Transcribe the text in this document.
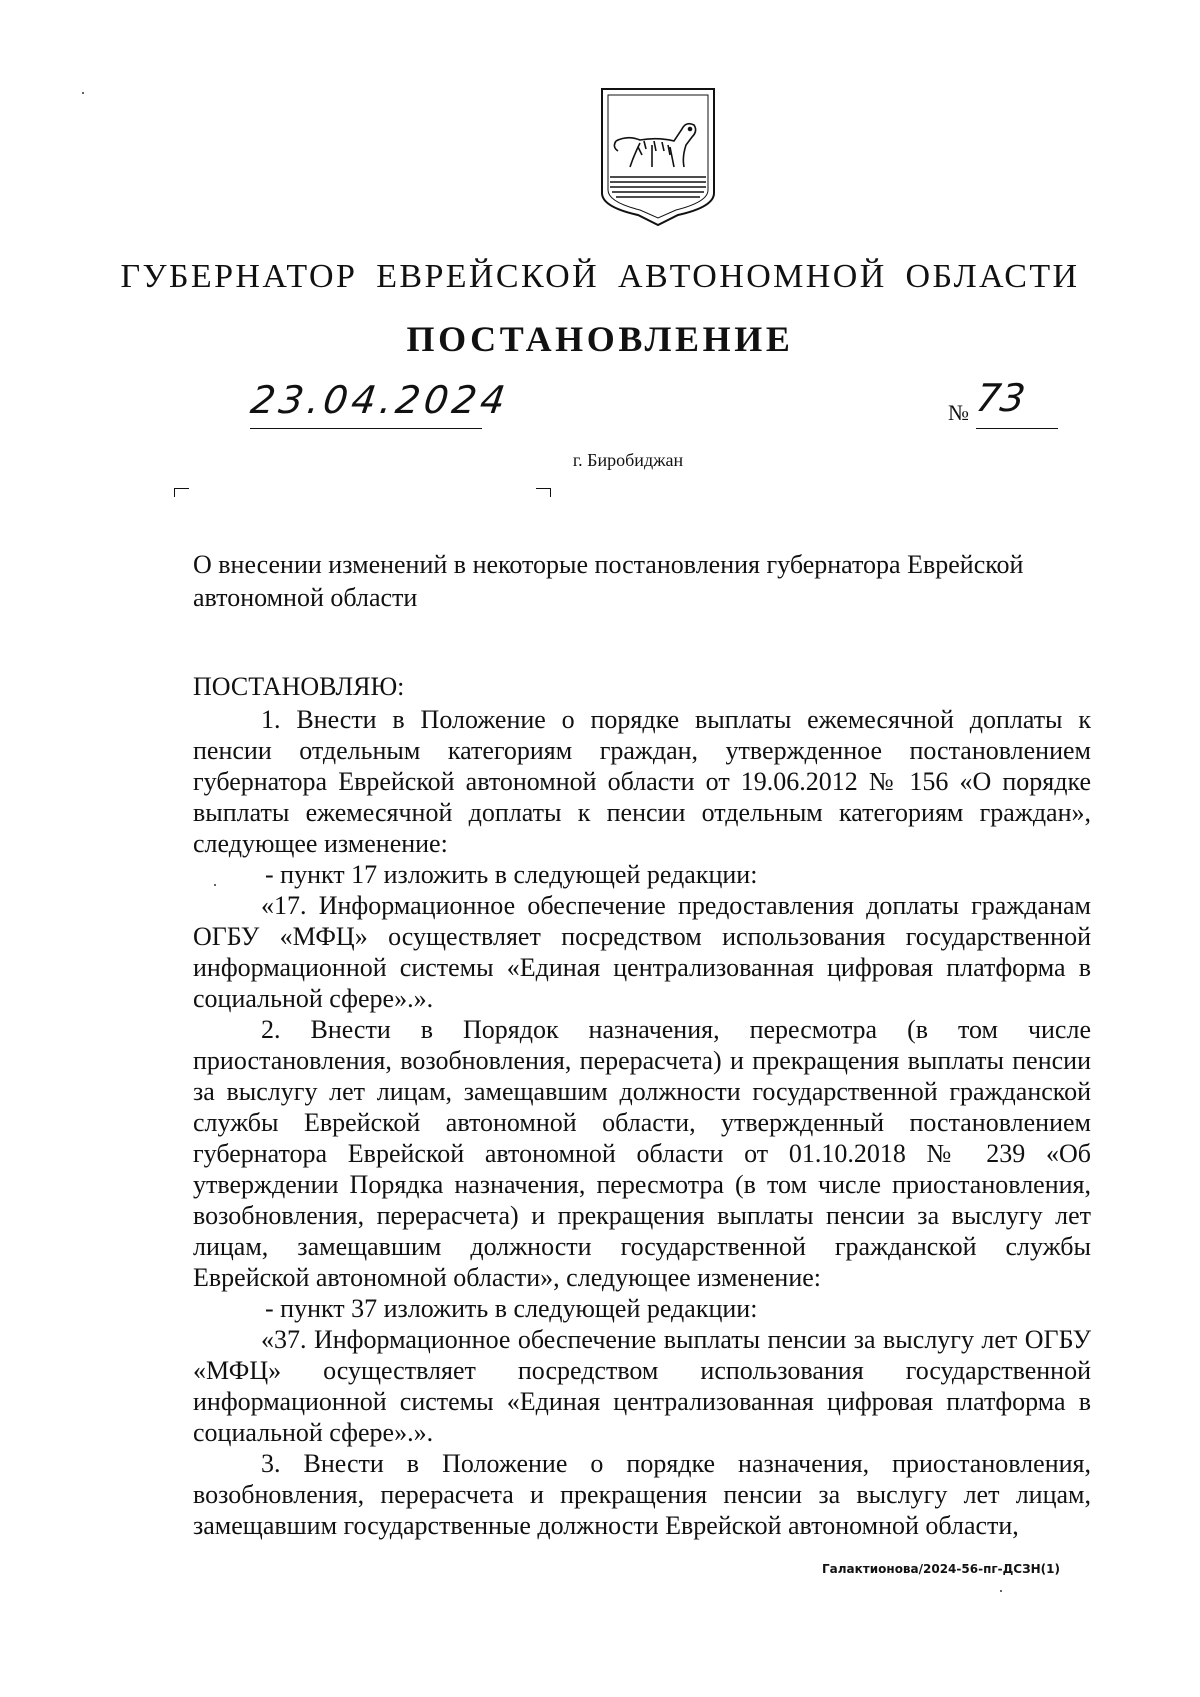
ГУБЕРНАТОР ЕВРЕЙСКОЙ АВТОНОМНОЙ ОБЛАСТИ
ПОСТАНОВЛЕНИЕ
23.04.2024	№ 73
г. Биробиджан
О внесении изменений в некоторые постановления губернатора Еврейской автономной области
ПОСТАНОВЛЯЮ:

1. Внести в Положение о порядке выплаты ежемесячной доплаты к пенсии отдельным категориям граждан, утвержденное постановлением губернатора Еврейской автономной области от 19.06.2012 № 156 «О порядке выплаты ежемесячной доплаты к пенсии отдельным категориям граждан», следующее изменение:

- пункт 17 изложить в следующей редакции:

«17. Информационное обеспечение предоставления доплаты гражданам ОГБУ «МФЦ» осуществляет посредством использования государственной информационной системы «Единая централизованная цифровая платформа в социальной сфере».».

2. Внести в Порядок назначения, пересмотра (в том числе приостановления, возобновления, перерасчета) и прекращения выплаты пенсии за выслугу лет лицам, замещавшим должности государственной гражданской службы Еврейской автономной области, утвержденный постановлением губернатора Еврейской автономной области от 01.10.2018 № 239 «Об утверждении Порядка назначения, пересмотра (в том числе приостановления, возобновления, перерасчета) и прекращения выплаты пенсии за выслугу лет лицам, замещавшим должности государственной гражданской службы Еврейской автономной области», следующее изменение:

- пункт 37 изложить в следующей редакции:

«37. Информационное обеспечение выплаты пенсии за выслугу лет ОГБУ «МФЦ» осуществляет посредством использования государственной информационной системы «Единая централизованная цифровая платформа в социальной сфере».».

3. Внести в Положение о порядке назначения, приостановления, возобновления, перерасчета и прекращения пенсии за выслугу лет лицам, замещавшим государственные должности Еврейской автономной области,

Галактионова/2024-56-пг-ДСЗН(1)
